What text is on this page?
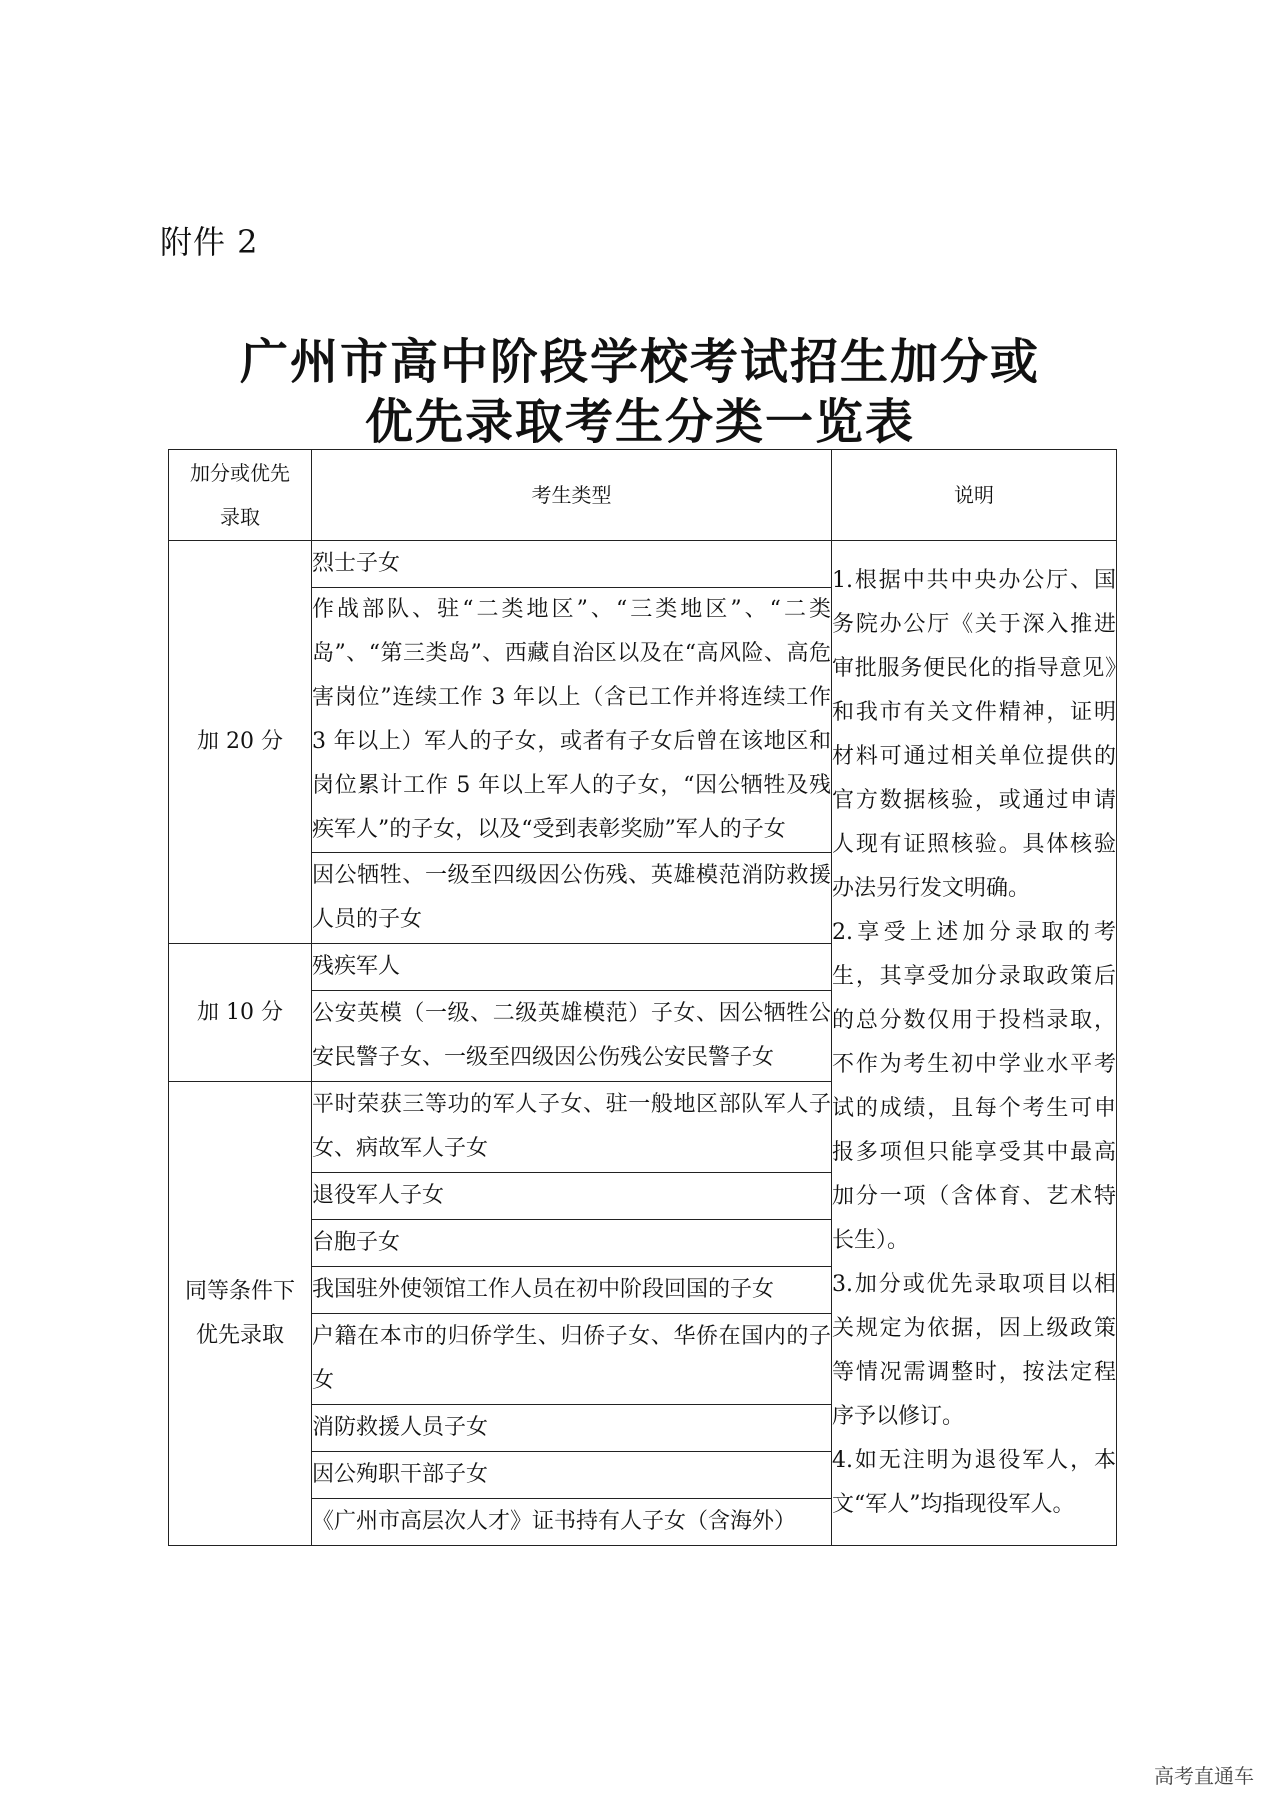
附件 2
广州市高中阶段学校考试招生加分或
优先录取考生分类一览表
加分或优先录取	考生类型	说明
加 20 分	烈士子女	1.根据中共中央办公厅、国务院办公厅《关于深入推进审批服务便民化的指导意见》和我市有关文件精神，证明材料可通过相关单位提供的官方数据核验，或通过申请人现有证照核验。具体核验办法另行发文明确。

2.享受上述加分录取的考生，其享受加分录取政策后的总分数仅用于投档录取，不作为考生初中学业水平考试的成绩，且每个考生可申报多项但只能享受其中最高加分一项（含体育、艺术特长生）。

3.加分或优先录取项目以相关规定为依据，因上级政策等情况需调整时，按法定程序予以修订。

4.如无注明为退役军人，本文“军人”均指现役军人。

	作战部队、驻“二类地区”、“三类地区”、“二类岛”、“第三类岛”、西藏自治区以及在“高风险、高危害岗位”连续工作 3 年以上（含已工作并将连续工作 3 年以上）军人的子女，或者有子女后曾在该地区和岗位累计工作 5 年以上军人的子女，“因公牺牲及残疾军人”的子女，以及“受到表彰奖励”军人的子女	
	因公牺牲、一级至四级因公伤残、英雄模范消防救援人员的子女	
加 10 分	残疾军人	
	公安英模（一级、二级英雄模范）子女、因公牺牲公安民警子女、一级至四级因公伤残公安民警子女	
同等条件下优先录取	平时荣获三等功的军人子女、驻一般地区部队军人子女、病故军人子女	
	退役军人子女	
	台胞子女	
	我国驻外使领馆工作人员在初中阶段回国的子女	
	户籍在本市的归侨学生、归侨子女、华侨在国内的子女	
	消防救援人员子女	
	因公殉职干部子女	
	《广州市高层次人才》证书持有人子女（含海外）	
高考直通车
